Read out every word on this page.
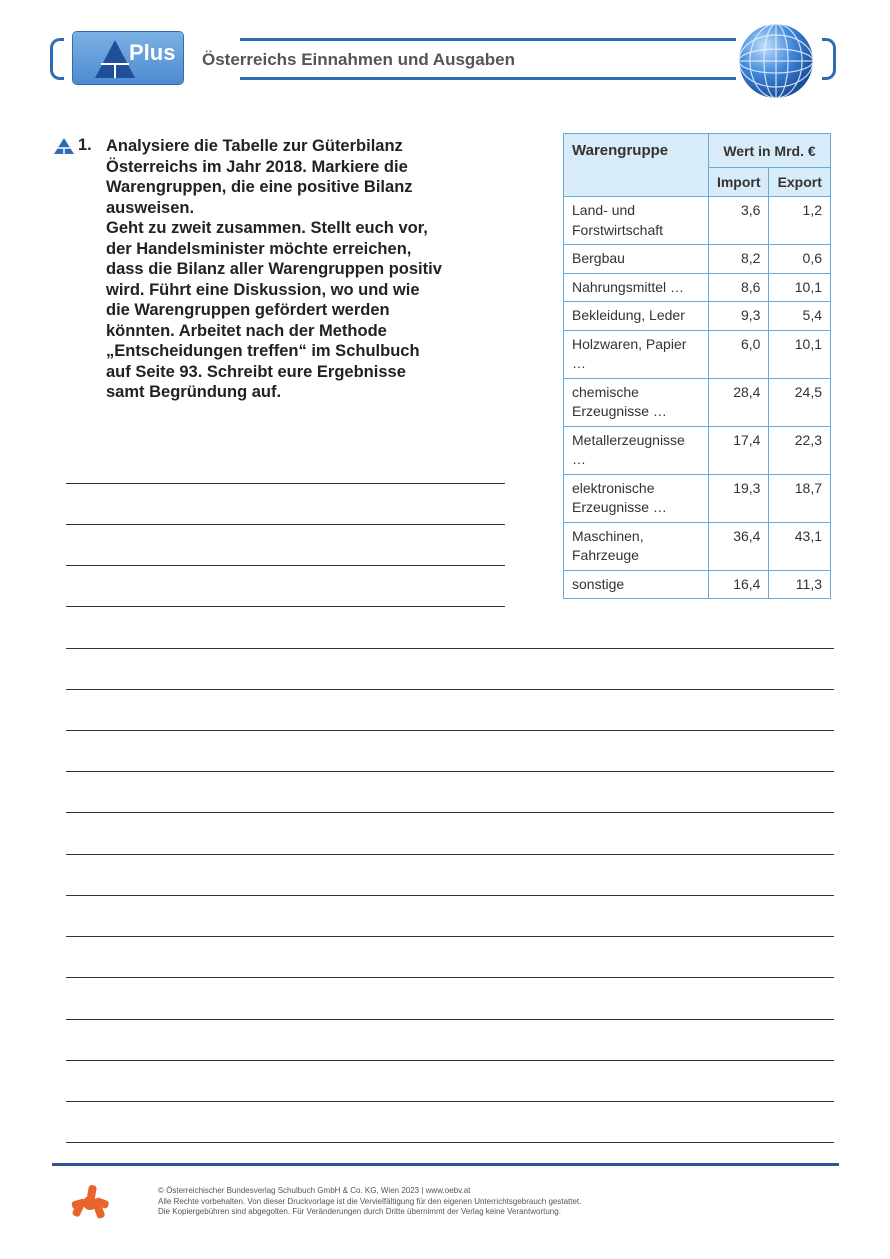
Plus Österreichs Einnahmen und Ausgaben
1. Analysiere die Tabelle zur Güterbilanz

Österreichs im Jahr 2018. Markiere die

Warengruppen, die eine positive Bilanz

ausweisen.

Geht zu zweit zusammen. Stellt euch vor,

der Handelsminister möchte erreichen,

dass die Bilanz aller Warengruppen positiv

wird. Führt eine Diskussion, wo und wie

die Warengruppen gefördert werden

könnten. Arbeitet nach der Methode

„Entscheidungen treffen“ im Schulbuch

auf Seite 93. Schreibt eure Ergebnisse

samt Begründung auf.

Warengruppe	Wert in Mrd. €	
	Import	Export
Land- und Forstwirtschaft	3,6	1,2
Bergbau	8,2	0,6
Nahrungsmittel …	8,6	10,1
Bekleidung, Leder	9,3	5,4
Holzwaren, Papier …	6,0	10,1
chemische Erzeugnisse …	28,4	24,5
Metallerzeugnisse …	17,4	22,3
elektronische Erzeugnisse …	19,3	18,7
Maschinen, Fahrzeuge	36,4	43,1
sonstige	16,4	11,3
© Österreichischer Bundesverlag Schulbuch GmbH & Co. KG, Wien 2023 | www.oebv.at
Alle Rechte vorbehalten. Von dieser Druckvorlage ist die Vervielfältigung für den eigenen Unterrichtsgebrauch gestattet.
Die Kopiergebühren sind abgegolten. Für Veränderungen durch Dritte übernimmt der Verlag keine Verantwortung.
